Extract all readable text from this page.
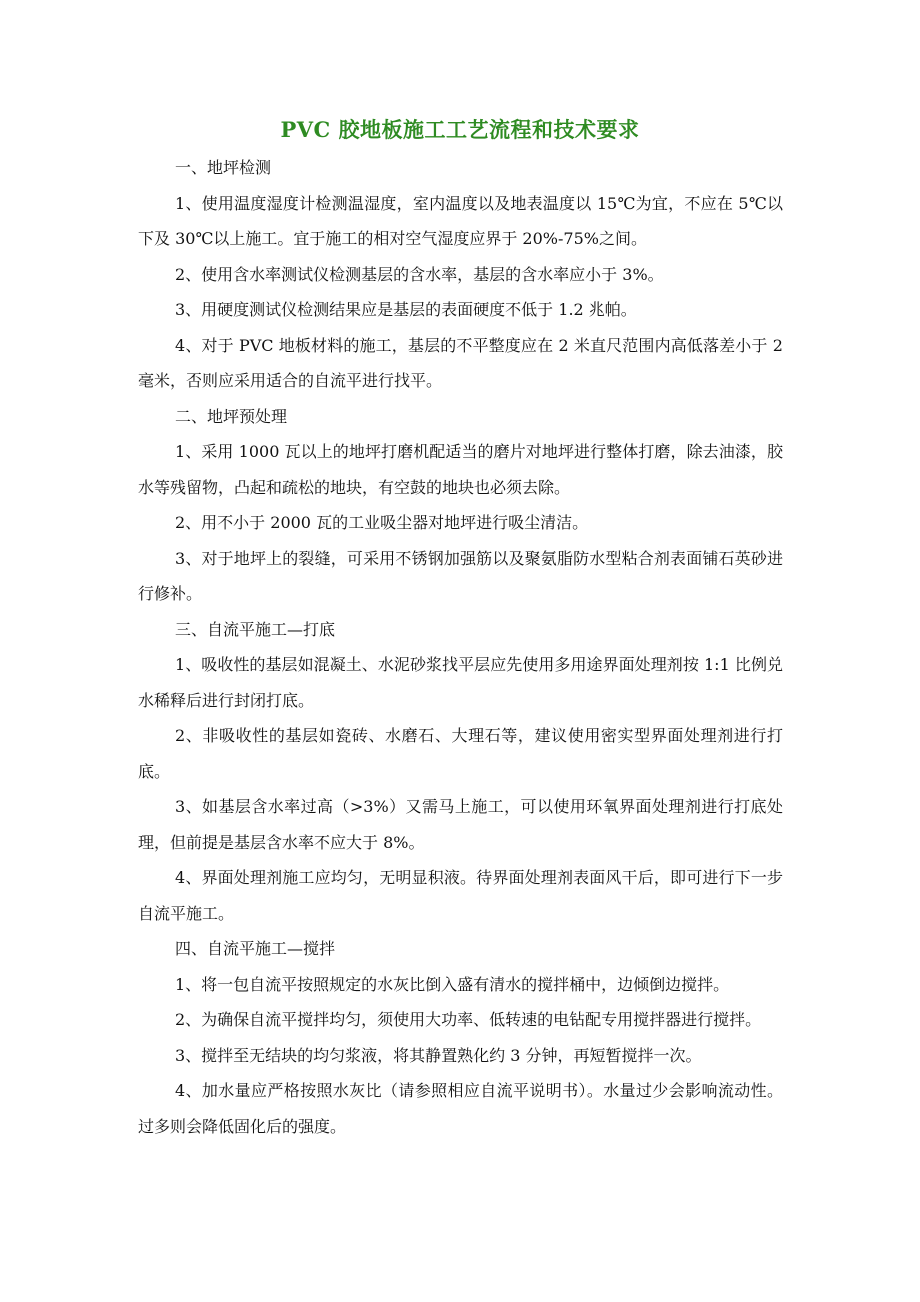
PVC 胶地板施工工艺流程和技术要求

一、地坪检测

1、使用温度湿度计检测温湿度，室内温度以及地表温度以 15℃为宜，不应在 5℃以下及 30℃以上施工。宜于施工的相对空气湿度应界于 20%-75%之间。

2、使用含水率测试仪检测基层的含水率，基层的含水率应小于 3%。

3、用硬度测试仪检测结果应是基层的表面硬度不低于 1.2 兆帕。

4、对于 PVC 地板材料的施工，基层的不平整度应在 2 米直尺范围内高低落差小于 2 毫米，否则应采用适合的自流平进行找平。

二、地坪预处理

1、采用 1000 瓦以上的地坪打磨机配适当的磨片对地坪进行整体打磨，除去油漆，胶水等残留物，凸起和疏松的地块，有空鼓的地块也必须去除。

2、用不小于 2000 瓦的工业吸尘器对地坪进行吸尘清洁。

3、对于地坪上的裂缝，可采用不锈钢加强筋以及聚氨脂防水型粘合剂表面铺石英砂进行修补。

三、自流平施工—打底

1、吸收性的基层如混凝土、水泥砂浆找平层应先使用多用途界面处理剂按 1:1 比例兑水稀释后进行封闭打底。

2、非吸收性的基层如瓷砖、水磨石、大理石等，建议使用密实型界面处理剂进行打底。

3、如基层含水率过高（>3%）又需马上施工，可以使用环氧界面处理剂进行打底处理，但前提是基层含水率不应大于 8%。

4、界面处理剂施工应均匀，无明显积液。待界面处理剂表面风干后，即可进行下一步自流平施工。

四、自流平施工—搅拌

1、将一包自流平按照规定的水灰比倒入盛有清水的搅拌桶中，边倾倒边搅拌。

2、为确保自流平搅拌均匀，须使用大功率、低转速的电钻配专用搅拌器进行搅拌。

3、搅拌至无结块的均匀浆液，将其静置熟化约 3 分钟，再短暂搅拌一次。

4、加水量应严格按照水灰比（请参照相应自流平说明书）。水量过少会影响流动性。过多则会降低固化后的强度。
